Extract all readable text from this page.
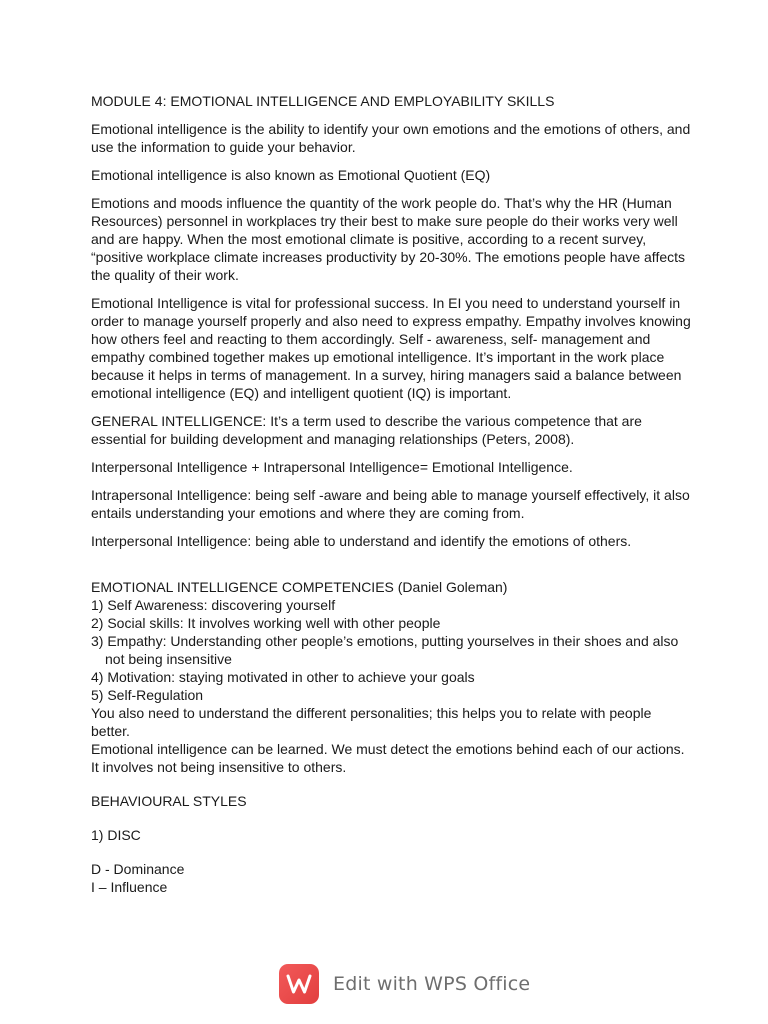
MODULE 4: EMOTIONAL INTELLIGENCE AND EMPLOYABILITY SKILLS

Emotional intelligence is the ability to identify your own emotions and the emotions of others, and use the information to guide your behavior.

Emotional intelligence is also known as Emotional Quotient (EQ)

Emotions and moods influence the quantity of the work people do. That’s why the HR (Human Resources) personnel in workplaces try their best to make sure people do their works very well and are happy. When the most emotional climate is positive, according to a recent survey, “positive workplace climate increases productivity by 20-30%. The emotions people have affects the quality of their work.

Emotional Intelligence is vital for professional success. In EI you need to understand yourself in order to manage yourself properly and also need to express empathy. Empathy involves knowing how others feel and reacting to them accordingly. Self - awareness, self- management and empathy combined together makes up emotional intelligence. It’s important in the work place because it helps in terms of management. In a survey, hiring managers said a balance between emotional intelligence (EQ) and intelligent quotient (IQ) is important.

GENERAL INTELLIGENCE: It’s a term used to describe the various competence that are essential for building development and managing relationships (Peters, 2008).

Interpersonal Intelligence + Intrapersonal Intelligence= Emotional Intelligence.

Intrapersonal Intelligence: being self -aware and being able to manage yourself effectively, it also entails understanding your emotions and where they are coming from.

Interpersonal Intelligence: being able to understand and identify the emotions of others.

EMOTIONAL INTELLIGENCE COMPETENCIES (Daniel Goleman)

1) Self Awareness: discovering yourself

2) Social skills: It involves working well with other people

3) Empathy: Understanding other people’s emotions, putting yourselves in their shoes and also

not being insensitive

4) Motivation: staying motivated in other to achieve your goals

5) Self-Regulation

You also need to understand the different personalities; this helps you to relate with people better.

Emotional intelligence can be learned. We must detect the emotions behind each of our actions. It involves not being insensitive to others.

BEHAVIOURAL STYLES

1) DISC

D - Dominance

I – Influence

Edit with WPS Office
